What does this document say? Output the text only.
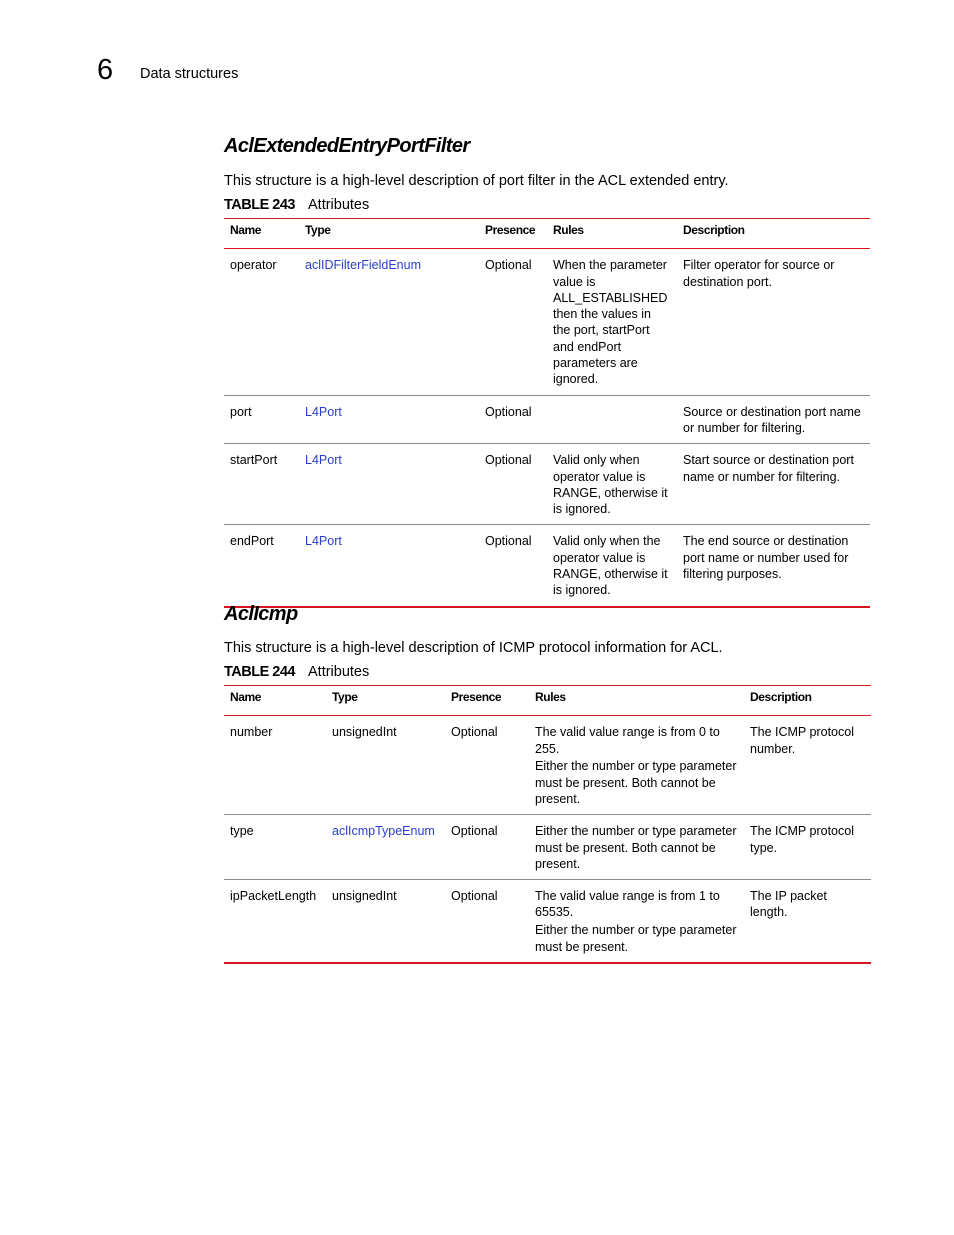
6 Data structures
AclExtendedEntryPortFilter

This structure is a high-level description of port filter in the ACL extended entry.

TABLE 243 Attributes

Name	Type	Presence	Rules	Description
operator	aclIDFilterFieldEnum	Optional	When the parameter value is ALL_ESTABLISHED then the values in the port, startPort and endPort parameters are ignored.	Filter operator for source or destination port.
port	L4Port	Optional		Source or destination port name or number for filtering.
startPort	L4Port	Optional	Valid only when operator value is RANGE, otherwise it is ignored.	Start source or destination port name or number for filtering.
endPort	L4Port	Optional	Valid only when the operator value is RANGE, otherwise it is ignored.	The end source or destination port name or number used for filtering purposes.
AclIcmp

This structure is a high-level description of ICMP protocol information for ACL.

TABLE 244 Attributes

Name	Type	Presence	Rules	Description
number	unsignedInt	Optional	The valid value range is from 0 to 255.
Either the number or type parameter must be present. Both cannot be present.	The ICMP protocol number.
type	aclIcmpTypeEnum	Optional	Either the number or type parameter must be present. Both cannot be present.	The ICMP protocol type.
ipPacketLength	unsignedInt	Optional	The valid value range is from 1 to 65535.
Either the number or type parameter must be present.	The IP packet length.
